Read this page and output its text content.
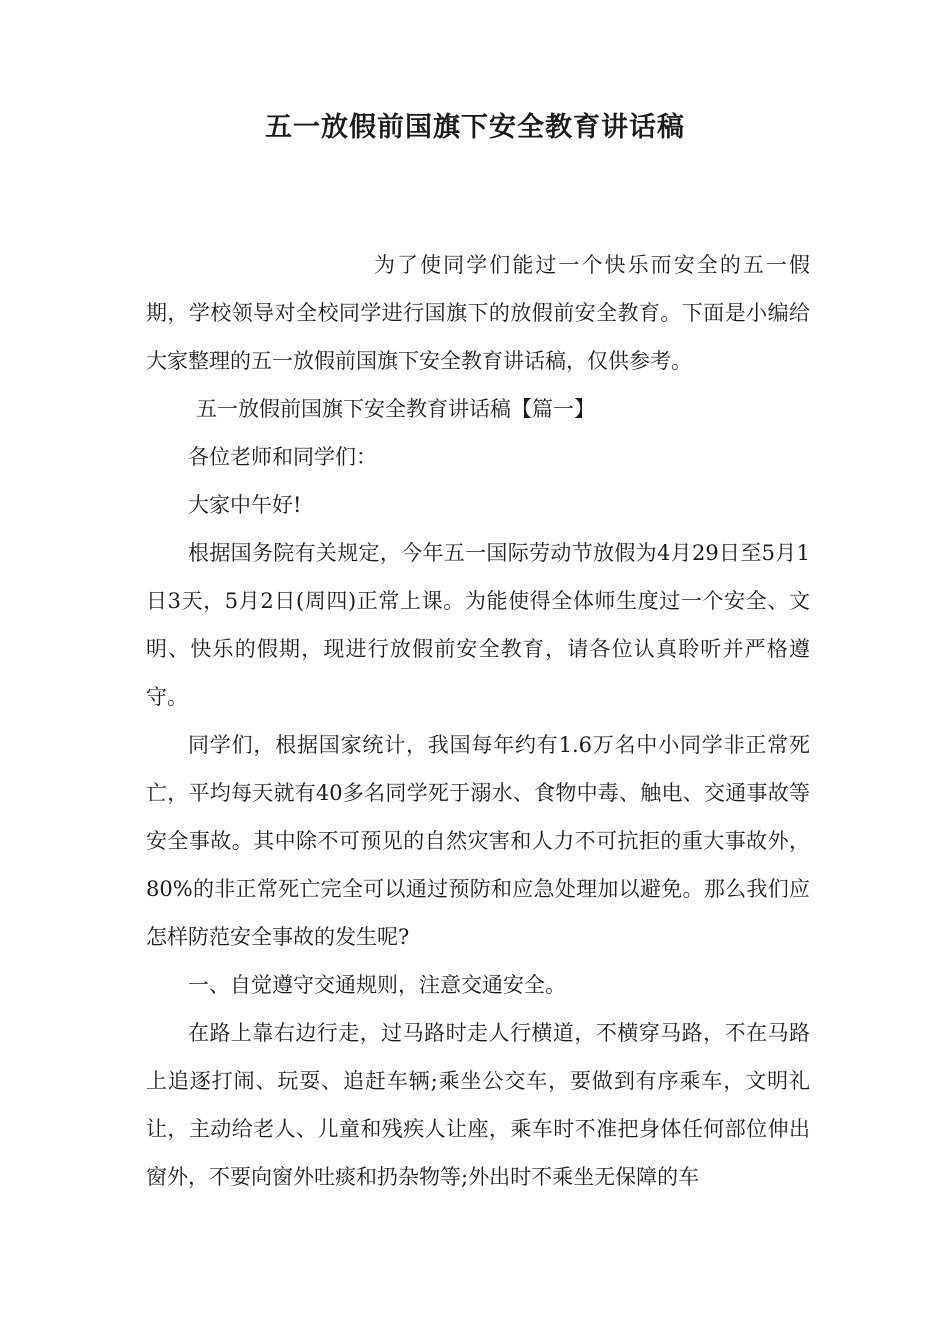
五一放假前国旗下安全教育讲话稿

为了使同学们能过一个快乐而安全的五一假期，学校领导对全校同学进行国旗下的放假前安全教育。下面是小编给大家整理的五一放假前国旗下安全教育讲话稿，仅供参考。

五一放假前国旗下安全教育讲话稿【篇一】

各位老师和同学们：

大家中午好!

根据国务院有关规定，今年五一国际劳动节放假为4月29日至5月1日3天，5月2日(周四)正常上课。为能使得全体师生度过一个安全、文明、快乐的假期，现进行放假前安全教育，请各位认真聆听并严格遵守。

同学们，根据国家统计，我国每年约有1.6万名中小同学非正常死亡，平均每天就有40多名同学死于溺水、食物中毒、触电、交通事故等安全事故。其中除不可预见的自然灾害和人力不可抗拒的重大事故外，80%的非正常死亡完全可以通过预防和应急处理加以避免。那么我们应怎样防范安全事故的发生呢?

一、自觉遵守交通规则，注意交通安全。

在路上靠右边行走，过马路时走人行横道，不横穿马路，不在马路上追逐打闹、玩耍、追赶车辆;乘坐公交车，要做到有序乘车，文明礼让，主动给老人、儿童和残疾人让座，乘车时不准把身体任何部位伸出窗外，不要向窗外吐痰和扔杂物等;外出时不乘坐无保障的车
